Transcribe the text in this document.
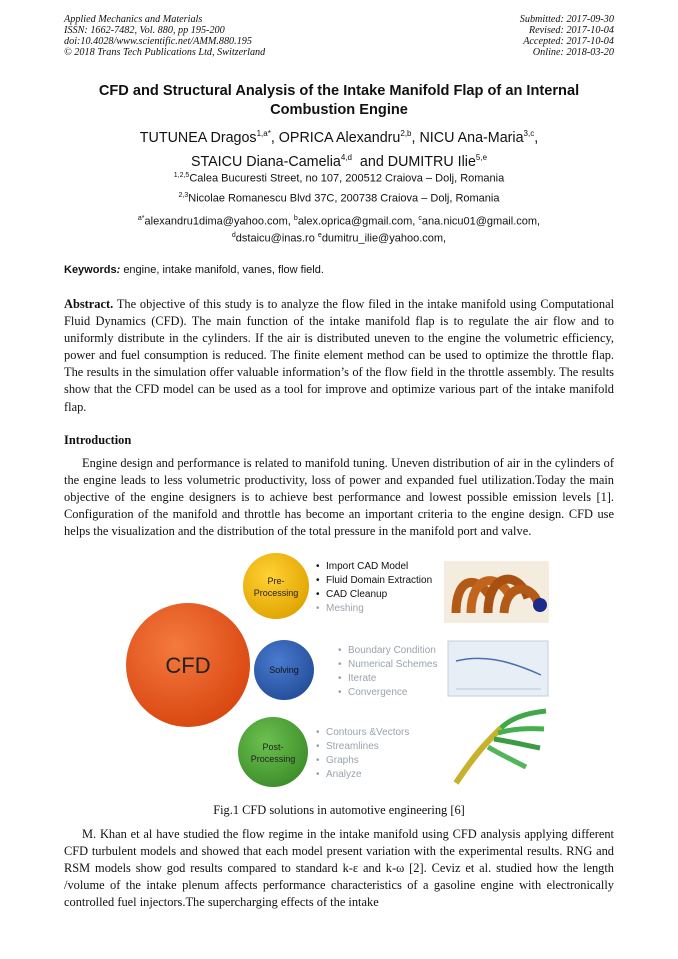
Applied Mechanics and Materials
ISSN: 1662-7482, Vol. 880, pp 195-200
doi:10.4028/www.scientific.net/AMM.880.195
© 2018 Trans Tech Publications Ltd, Switzerland
Submitted: 2017-09-30
Revised: 2017-10-04
Accepted: 2017-10-04
Online: 2018-03-20
CFD and Structural Analysis of the Intake Manifold Flap of an Internal
Combustion Engine
TUTUNEA Dragos$^{1,a*}$, OPRICA Alexandru$^{2,b}$, NICU Ana-Maria$^{3,c}$,
STAICU Diana-Camelia$^{4,d}$ and DUMITRU Ilie$^{5,e}$
$^{1,2,5}$Calea Bucuresti Street, no 107, 200512 Craiova – Dolj, Romania
$^{2,3}$Nicolae Romanescu Blvd 37C, 200738 Craiova – Dolj, Romania
$^{a*}$alexandru1dima@yahoo.com, $^b$alex.oprica@gmail.com, $^c$ana.nicu01@gmail.com,
$^d$dstaicu@inas.ro $^e$dumitru_ilie@yahoo.com,
Keywords: engine, intake manifold, vanes, flow field.
Abstract. The objective of this study is to analyze the flow filed in the intake manifold using Computational Fluid Dynamics (CFD). The main function of the intake manifold flap is to regulate the air flow and to uniformly distribute in the cylinders. If the air is distributed uneven to the engine the volumetric efficiency, power and fuel consumption is reduced. The finite element method can be used to optimize the throttle flap. The results in the simulation offer valuable information’s of the flow field in the throttle assembly. The results show that the CFD model can be used as a tool for improve and optimize various part of the intake manifold flap.
Introduction
Engine design and performance is related to manifold tuning. Uneven distribution of air in the cylinders of the engine leads to less volumetric productivity, loss of power and expanded fuel utilization.Today the main objective of the engine designers is to achieve best performance and lowest possible emission levels [1]. Configuration of the manifold and throttle has become an important criteria to the engine design. CFD use helps the visualization and the distribution of the total pressure in the manifold port and valve.
CFD
Pre-
Processing
Solving
Post-
Processing
• Import CAD Model
• Fluid Domain Extraction
• CAD Cleanup
• Meshing
• Boundary Condition
• Numerical Schemes
• Iterate
• Convergence
• Contours &Vectors
• Streamlines
• Graphs
• Analyze
Fig.1 CFD solutions in automotive engineering [6]
M. Khan et al have studied the flow regime in the intake manifold using CFD analysis applying different CFD turbulent models and showed that each model present variation with the experimental results. RNG and RSM models show god results compared to standard k-ε and k-ω [2]. Ceviz et al. studied how the length /volume of the intake plenum affects performance characteristics of a gasoline engine with electronically controlled fuel injectors.The supercharging effects of the intake
